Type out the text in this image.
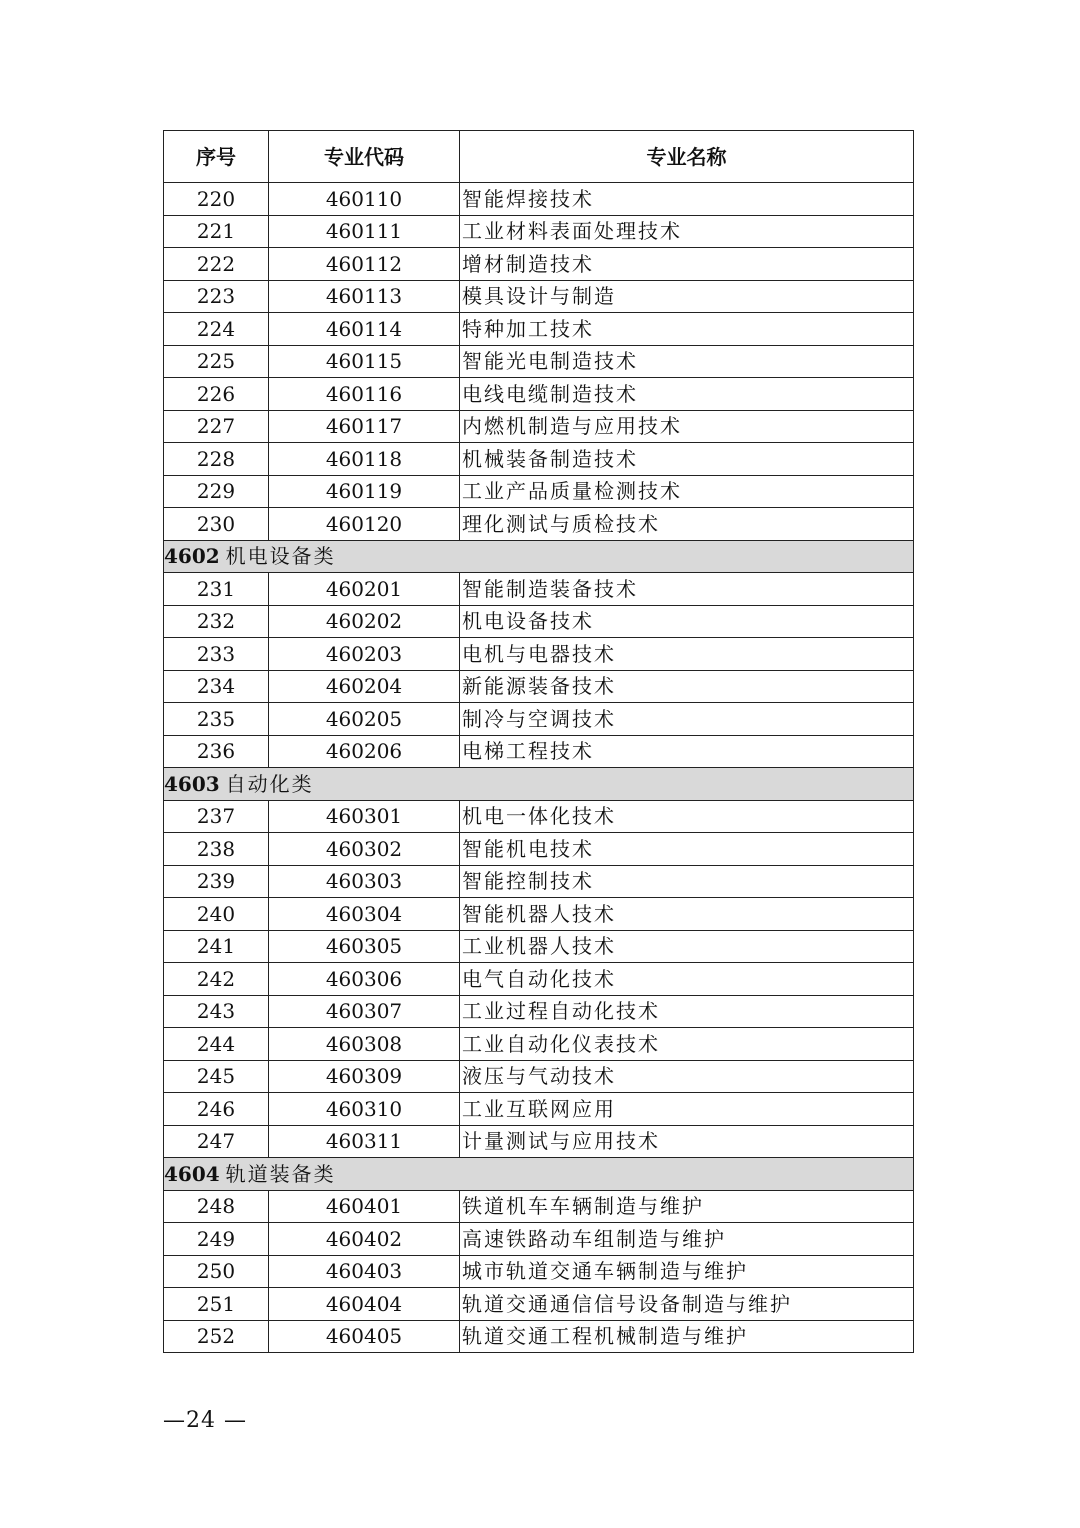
序号	专业代码	专业名称
220	460110	智能焊接技术
221	460111	工业材料表面处理技术
222	460112	增材制造技术
223	460113	模具设计与制造
224	460114	特种加工技术
225	460115	智能光电制造技术
226	460116	电线电缆制造技术
227	460117	内燃机制造与应用技术
228	460118	机械装备制造技术
229	460119	工业产品质量检测技术
230	460120	理化测试与质检技术
4602 机电设备类		
231	460201	智能制造装备技术
232	460202	机电设备技术
233	460203	电机与电器技术
234	460204	新能源装备技术
235	460205	制冷与空调技术
236	460206	电梯工程技术
4603 自动化类		
237	460301	机电一体化技术
238	460302	智能机电技术
239	460303	智能控制技术
240	460304	智能机器人技术
241	460305	工业机器人技术
242	460306	电气自动化技术
243	460307	工业过程自动化技术
244	460308	工业自动化仪表技术
245	460309	液压与气动技术
246	460310	工业互联网应用
247	460311	计量测试与应用技术
4604 轨道装备类		
248	460401	铁道机车车辆制造与维护
249	460402	高速铁路动车组制造与维护
250	460403	城市轨道交通车辆制造与维护
251	460404	轨道交通通信信号设备制造与维护
252	460405	轨道交通工程机械制造与维护
—24 —
